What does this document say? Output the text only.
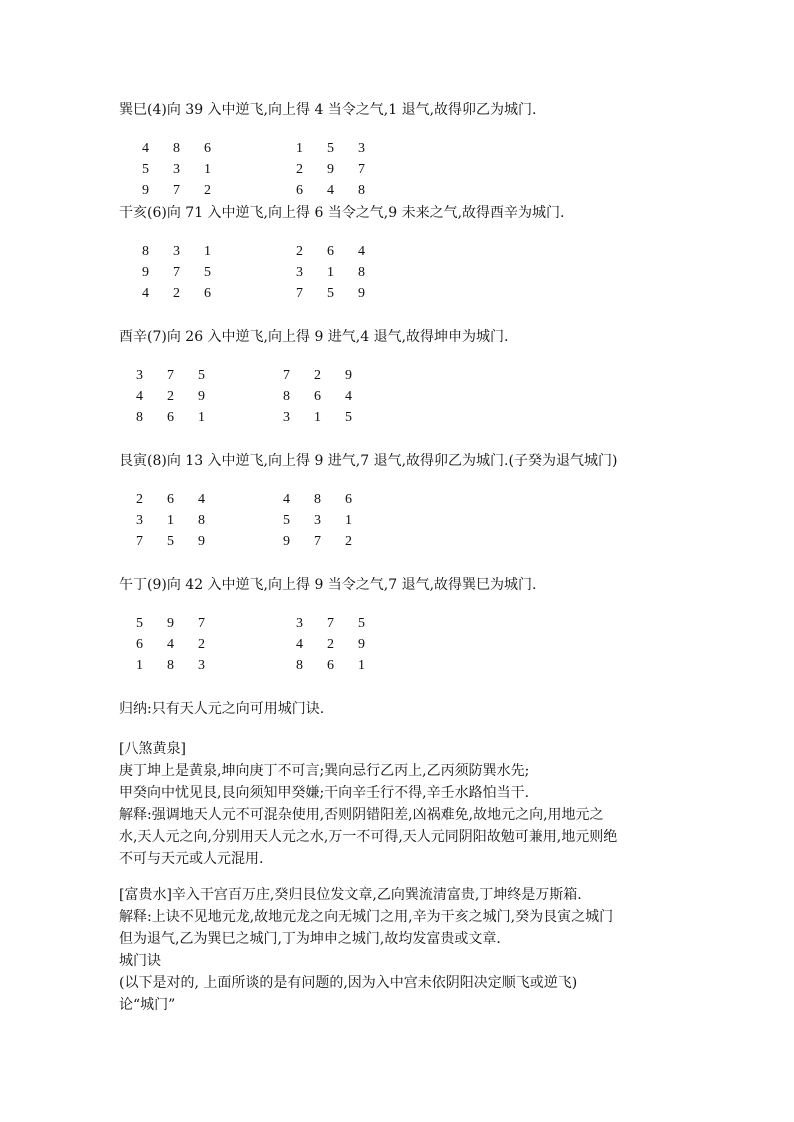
巽巳(4)向 39 入中逆飞,向上得 4 当令之气,1 退气,故得卯乙为城门.
4	8	6
5	3	1
9	7	2
1	5	3
2	9	7
6	4	8
干亥(6)向 71 入中逆飞,向上得 6 当令之气,9 未来之气,故得酉辛为城门.
8	3	1
9	7	5
4	2	6
2	6	4
3	1	8
7	5	9
酉辛(7)向 26 入中逆飞,向上得 9 进气,4 退气,故得坤申为城门.
3	7	5
4	2	9
8	6	1
7	2	9
8	6	4
3	1	5
艮寅(8)向 13 入中逆飞,向上得 9 进气,7 退气,故得卯乙为城门.(子癸为退气城门)
2	6	4
3	1	8
7	5	9
4	8	6
5	3	1
9	7	2
午丁(9)向 42 入中逆飞,向上得 9 当令之气,7 退气,故得巽巳为城门.
5	9	7
6	4	2
1	8	3
3	7	5
4	2	9
8	6	1
归纳:只有天人元之向可用城门诀.
[八煞黄泉]
庚丁坤上是黄泉,坤向庚丁不可言;巽向忌行乙丙上,乙丙须防巽水先;
甲癸向中忧见艮,艮向须知甲癸嫌;干向辛壬行不得,辛壬水路怕当干.
解释:强调地天人元不可混杂使用,否则阴错阳差,凶祸难免,故地元之向,用地元之水,天人元之向,分别用天人元之水,万一不可得,天人元同阴阳故勉可兼用,地元则绝不可与天元或人元混用.
[富贵水]辛入干宫百万庄,癸归艮位发文章,乙向巽流清富贵,丁坤终是万斯箱.
解释:上诀不见地元龙,故地元龙之向无城门之用,辛为干亥之城门,癸为艮寅之城门但为退气,乙为巽巳之城门,丁为坤申之城门,故均发富贵或文章.
城门诀
(以下是对的, 上面所谈的是有问题的,因为入中宫未依阴阳决定顺飞或逆飞)
论“城门”
